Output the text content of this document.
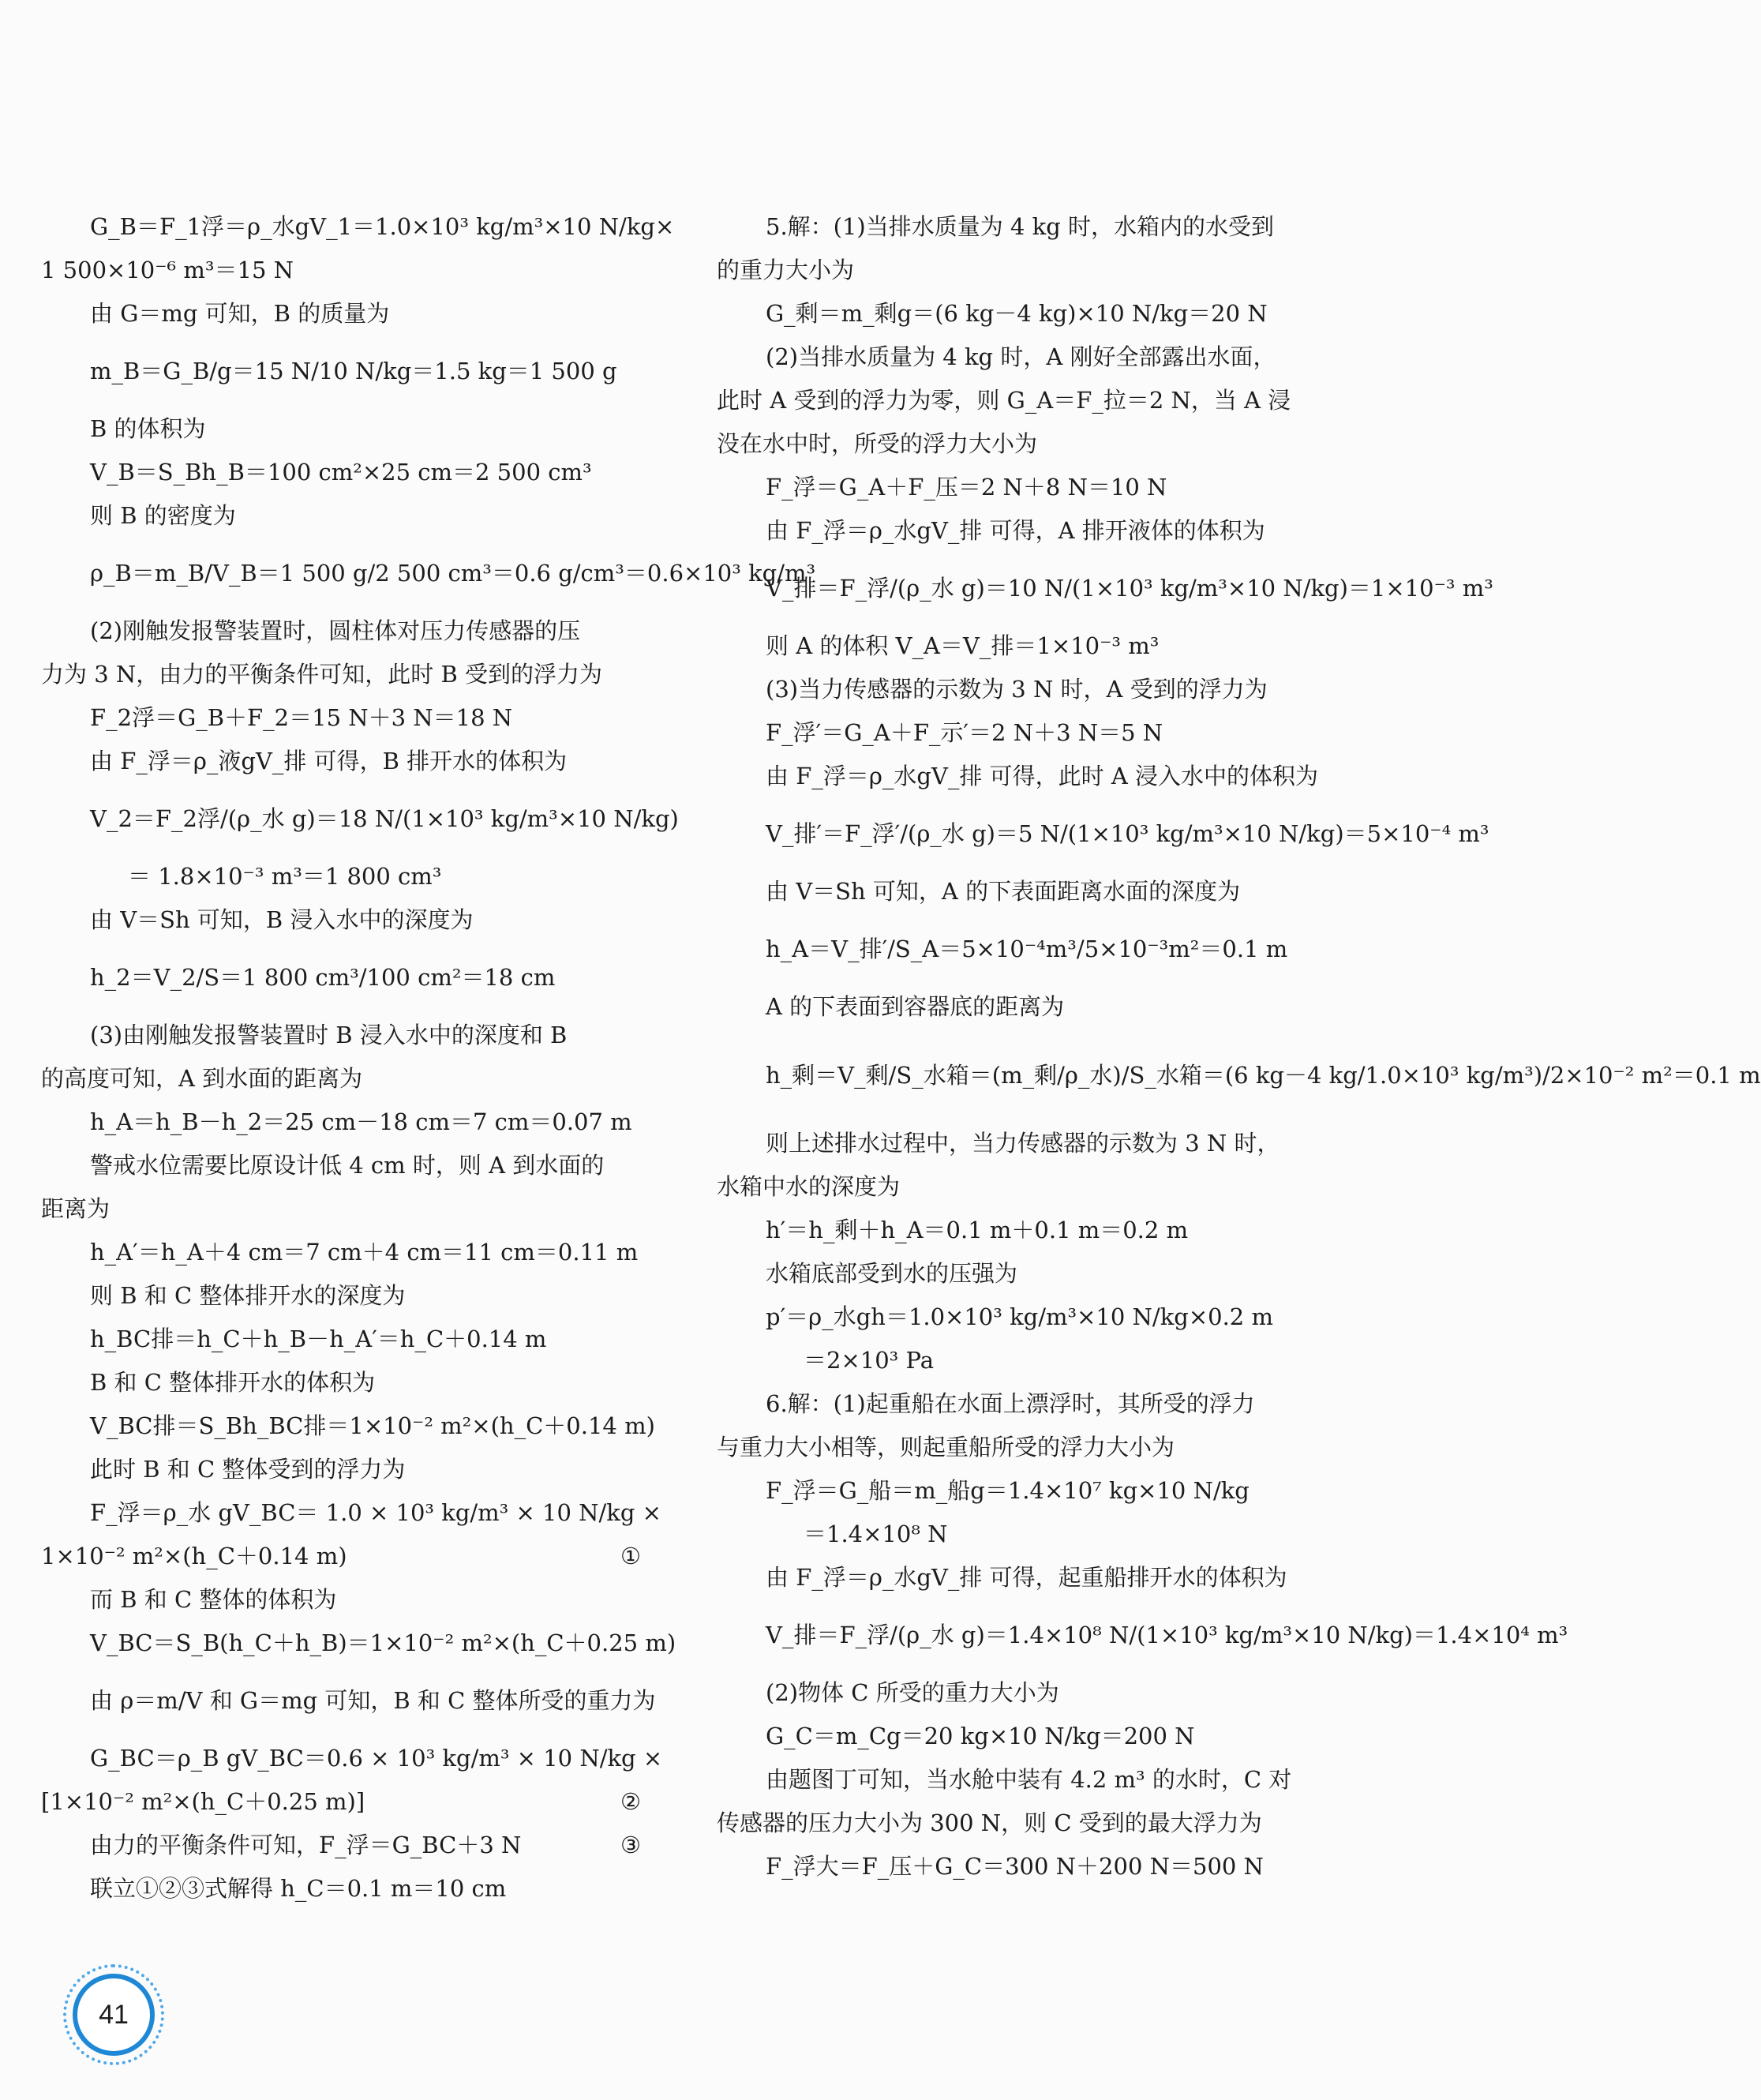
G_B＝F_1浮＝ρ_水gV_1＝1.0×10³ kg/m³×10 N/kg×

1 500×10⁻⁶ m³＝15 N

由 G＝mg 可知，B 的质量为

m_B＝G_B/g＝15 N/10 N/kg＝1.5 kg＝1 500 g

B 的体积为

V_B＝S_Bh_B＝100 cm²×25 cm＝2 500 cm³

则 B 的密度为

ρ_B＝m_B/V_B＝1 500 g/2 500 cm³＝0.6 g/cm³＝0.6×10³ kg/m³

(2)刚触发报警装置时，圆柱体对压力传感器的压

力为 3 N，由力的平衡条件可知，此时 B 受到的浮力为

F_2浮＝G_B＋F_2＝15 N＋3 N＝18 N

由 F_浮＝ρ_液gV_排 可得，B 排开水的体积为

V_2＝F_2浮/(ρ_水 g)＝18 N/(1×10³ kg/m³×10 N/kg)

＝ 1.8×10⁻³ m³＝1 800 cm³

由 V＝Sh 可知，B 浸入水中的深度为

h_2＝V_2/S＝1 800 cm³/100 cm²＝18 cm

(3)由刚触发报警装置时 B 浸入水中的深度和 B

的高度可知，A 到水面的距离为

h_A＝h_B－h_2＝25 cm－18 cm＝7 cm＝0.07 m

警戒水位需要比原设计低 4 cm 时，则 A 到水面的

距离为

h_A′＝h_A＋4 cm＝7 cm＋4 cm＝11 cm＝0.11 m

则 B 和 C 整体排开水的深度为

h_BC排＝h_C＋h_B－h_A′＝h_C＋0.14 m

B 和 C 整体排开水的体积为

V_BC排＝S_Bh_BC排＝1×10⁻² m²×(h_C＋0.14 m)

此时 B 和 C 整体受到的浮力为

F_浮＝ρ_水 gV_BC＝ 1.0 × 10³ kg/m³ × 10 N/kg ×

1×10⁻² m²×(h_C＋0.14 m)	①

而 B 和 C 整体的体积为

V_BC＝S_B(h_C＋h_B)＝1×10⁻² m²×(h_C＋0.25 m)

由 ρ＝m/V 和 G＝mg 可知，B 和 C 整体所受的重力为

G_BC＝ρ_B gV_BC＝0.6 × 10³ kg/m³ × 10 N/kg ×

[1×10⁻² m²×(h_C＋0.25 m)]	②

由力的平衡条件可知，F_浮＝G_BC＋3 N	③

联立①②③式解得 h_C＝0.1 m＝10 cm

5.解：(1)当排水质量为 4 kg 时，水箱内的水受到

的重力大小为

G_剩＝m_剩g＝(6 kg－4 kg)×10 N/kg＝20 N

(2)当排水质量为 4 kg 时，A 刚好全部露出水面，

此时 A 受到的浮力为零，则 G_A＝F_拉＝2 N，当 A 浸

没在水中时，所受的浮力大小为

F_浮＝G_A＋F_压＝2 N＋8 N＝10 N

由 F_浮＝ρ_水gV_排 可得，A 排开液体的体积为

V_排＝F_浮/(ρ_水 g)＝10 N/(1×10³ kg/m³×10 N/kg)＝1×10⁻³ m³

则 A 的体积 V_A＝V_排＝1×10⁻³ m³

(3)当力传感器的示数为 3 N 时，A 受到的浮力为

F_浮′＝G_A＋F_示′＝2 N＋3 N＝5 N

由 F_浮＝ρ_水gV_排 可得，此时 A 浸入水中的体积为

V_排′＝F_浮′/(ρ_水 g)＝5 N/(1×10³ kg/m³×10 N/kg)＝5×10⁻⁴ m³

由 V＝Sh 可知，A 的下表面距离水面的深度为

h_A＝V_排′/S_A＝5×10⁻⁴m³/5×10⁻³m²＝0.1 m

A 的下表面到容器底的距离为

h_剩＝V_剩/S_水箱＝(m_剩/ρ_水)/S_水箱＝(6 kg－4 kg/1.0×10³ kg/m³)/2×10⁻² m²＝0.1 m

则上述排水过程中，当力传感器的示数为 3 N 时，

水箱中水的深度为

h′＝h_剩＋h_A＝0.1 m＋0.1 m＝0.2 m

水箱底部受到水的压强为

p′＝ρ_水gh＝1.0×10³ kg/m³×10 N/kg×0.2 m

＝2×10³ Pa

6.解：(1)起重船在水面上漂浮时，其所受的浮力

与重力大小相等，则起重船所受的浮力大小为

F_浮＝G_船＝m_船g＝1.4×10⁷ kg×10 N/kg

＝1.4×10⁸ N

由 F_浮＝ρ_水gV_排 可得，起重船排开水的体积为

V_排＝F_浮/(ρ_水 g)＝1.4×10⁸ N/(1×10³ kg/m³×10 N/kg)＝1.4×10⁴ m³

(2)物体 C 所受的重力大小为

G_C＝m_Cg＝20 kg×10 N/kg＝200 N

由题图丁可知，当水舱中装有 4.2 m³ 的水时，C 对

传感器的压力大小为 300 N，则 C 受到的最大浮力为

F_浮大＝F_压＋G_C＝300 N＋200 N＝500 N

41
